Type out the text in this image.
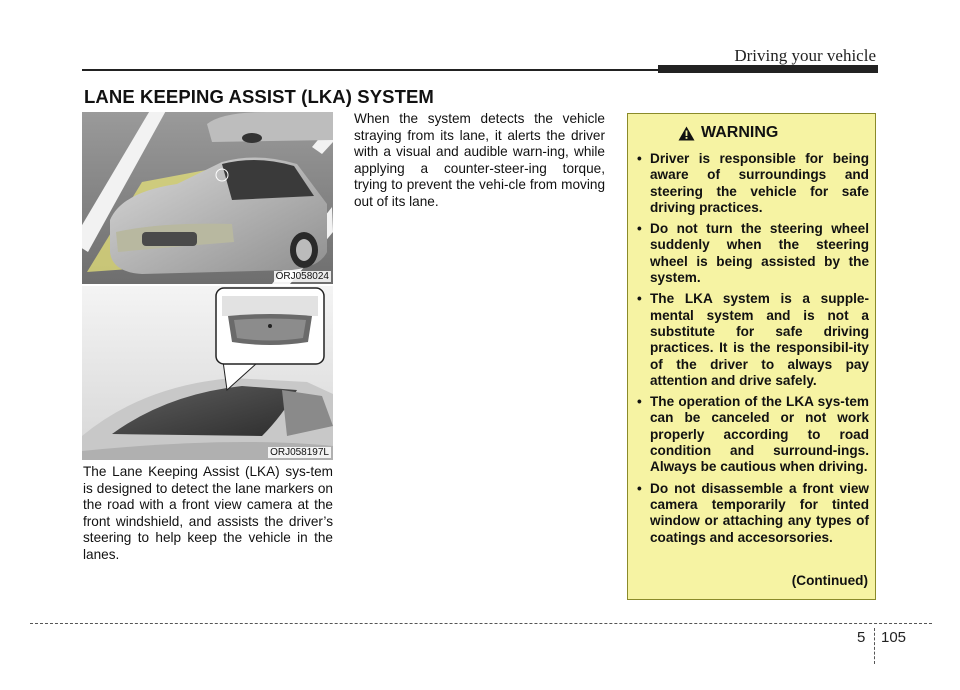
Driving your vehicle
LANE KEEPING ASSIST (LKA) SYSTEM
ORJ058024
ORJ058197L

The Lane Keeping Assist (LKA) sys-tem is designed to detect the lane markers on the road with a front view camera at the front windshield, and assists the driver’s steering to help keep the vehicle in the lanes.

When the system detects the vehicle straying from its lane, it alerts the driver with a visual and audible warn-ing, while applying a counter-steer-ing torque, trying to prevent the vehi-cle from moving out of its lane.

WARNING
• Driver is responsible for being aware of surroundings and steering the vehicle for safe driving practices.
• Do not turn the steering wheel suddenly when the steering wheel is being assisted by the system.
• The LKA system is a supple-mental system and is not a substitute for safe driving practices. It is the responsibil-ity of the driver to always pay attention and drive safely.
• The operation of the LKA sys-tem can be canceled or not work properly according to road condition and surround-ings. Always be cautious when driving.
• Do not disassemble a front view camera temporarily for tinted window or attaching any types of coatings and accesorsories.
(Continued)
5 105
